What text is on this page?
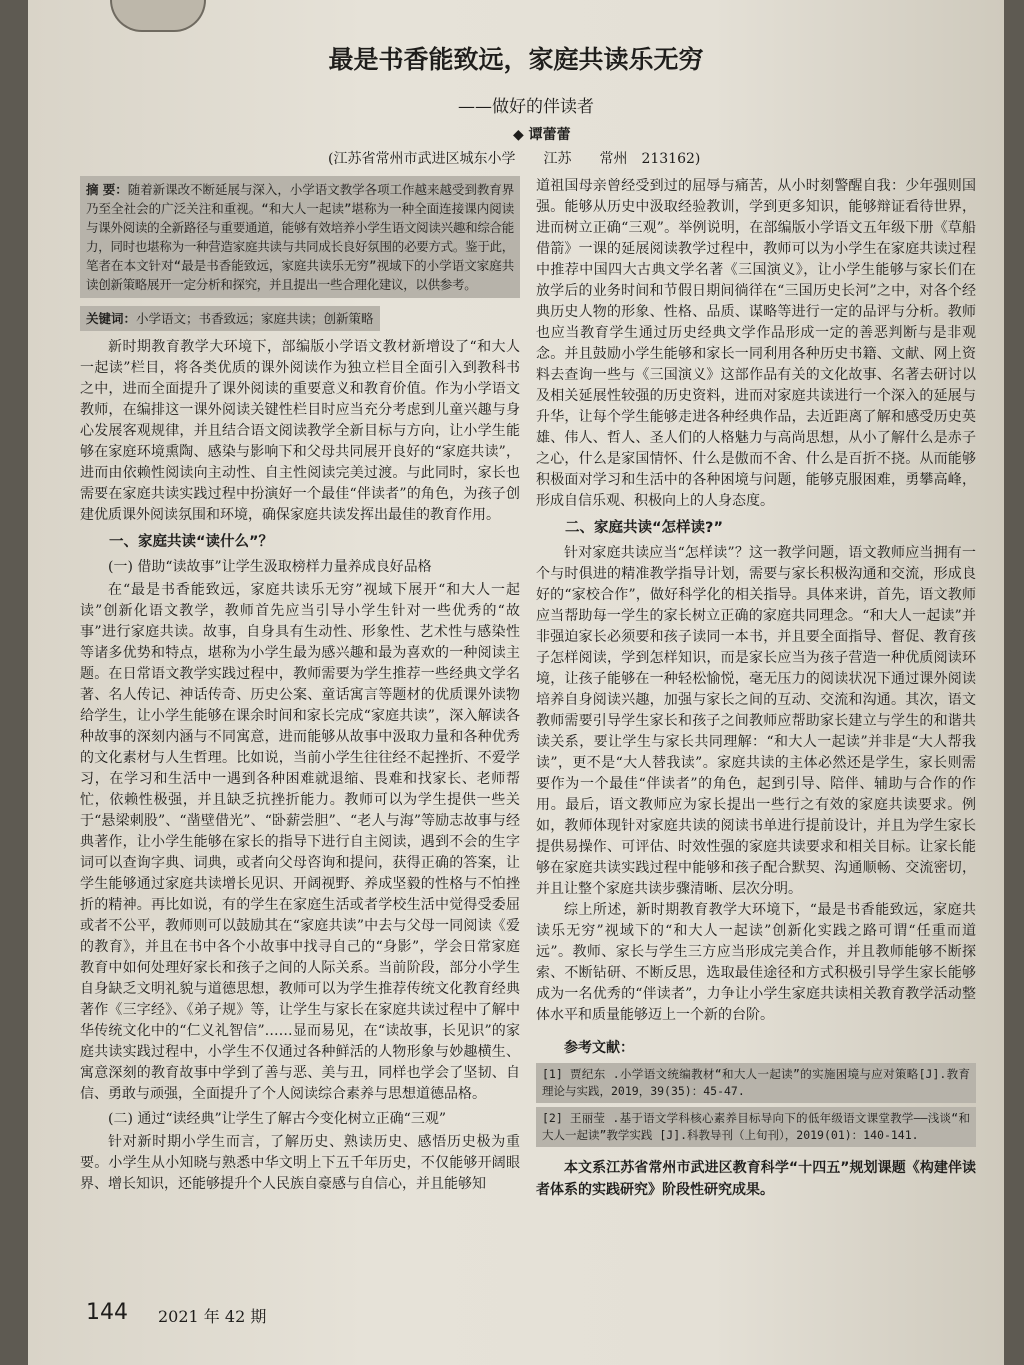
最是书香能致远，家庭共读乐无穷

——做好的伴读者

◆ 谭蕾蕾

(江苏省常州市武进区城东小学　　江苏　　常州　213162)

摘 要：随着新课改不断延展与深入，小学语文教学各项工作越来越受到教育界乃至全社会的广泛关注和重视。“和大人一起读”堪称为一种全面连接课内阅读与课外阅读的全新路径与重要通道，能够有效培养小学生语文阅读兴趣和综合能力，同时也堪称为一种营造家庭共读与共同成长良好氛围的必要方式。鉴于此，笔者在本文针对“最是书香能致远，家庭共读乐无穷”视域下的小学语文家庭共读创新策略展开一定分析和探究，并且提出一些合理化建议，以供参考。
关键词：小学语文；书香致远；家庭共读；创新策略

新时期教育教学大环境下，部编版小学语文教材新增设了“和大人一起读”栏目，将各类优质的课外阅读作为独立栏目全面引入到教科书之中，进而全面提升了课外阅读的重要意义和教育价值。作为小学语文教师，在编排这一课外阅读关键性栏目时应当充分考虑到儿童兴趣与身心发展客观规律，并且结合语文阅读教学全新目标与方向，让小学生能够在家庭环境熏陶、感染与影响下和父母共同展开良好的“家庭共读”，进而由依赖性阅读向主动性、自主性阅读完美过渡。与此同时，家长也需要在家庭共读实践过程中扮演好一个最佳“伴读者”的角色，为孩子创建优质课外阅读氛围和环境，确保家庭共读发挥出最佳的教育作用。

一、家庭共读“读什么”？
(一) 借助“读故事”让学生汲取榜样力量养成良好品格

在“最是书香能致远，家庭共读乐无穷”视域下展开“和大人一起读”创新化语文教学，教师首先应当引导小学生针对一些优秀的“故事”进行家庭共读。故事，自身具有生动性、形象性、艺术性与感染性等诸多优势和特点，堪称为小学生最为感兴趣和最为喜欢的一种阅读主题。在日常语文教学实践过程中，教师需要为学生推荐一些经典文学名著、名人传记、神话传奇、历史公案、童话寓言等题材的优质课外读物给学生，让小学生能够在课余时间和家长完成“家庭共读”，深入解读各种故事的深刻内涵与不同寓意，进而能够从故事中汲取力量和各种优秀的文化素材与人生哲理。比如说，当前小学生往往经不起挫折、不爱学习，在学习和生活中一遇到各种困难就退缩、畏难和找家长、老师帮忙，依赖性极强，并且缺乏抗挫折能力。教师可以为学生提供一些关于“悬梁刺股”、“凿壁借光”、“卧薪尝胆”、“老人与海”等励志故事与经典著作，让小学生能够在家长的指导下进行自主阅读，遇到不会的生字词可以查询字典、词典，或者向父母咨询和提问，获得正确的答案，让学生能够通过家庭共读增长见识、开阔视野、养成坚毅的性格与不怕挫折的精神。再比如说，有的学生在家庭生活或者学校生活中觉得受委屈或者不公平，教师则可以鼓励其在“家庭共读”中去与父母一同阅读《爱的教育》，并且在书中各个小故事中找寻自己的“身影”，学会日常家庭教育中如何处理好家长和孩子之间的人际关系。当前阶段，部分小学生自身缺乏文明礼貌与道德思想，教师可以为学生推荐传统文化教育经典著作《三字经》、《弟子规》等，让学生与家长在家庭共读过程中了解中华传统文化中的“仁义礼智信”……显而易见，在“读故事，长见识”的家庭共读实践过程中，小学生不仅通过各种鲜活的人物形象与妙趣横生、寓意深刻的教育故事中学到了善与恶、美与丑，同样也学会了坚韧、自信、勇敢与顽强，全面提升了个人阅读综合素养与思想道德品格。

(二) 通过“读经典”让学生了解古今变化树立正确“三观”

针对新时期小学生而言，了解历史、熟读历史、感悟历史极为重要。小学生从小知晓与熟悉中华文明上下五千年历史，不仅能够开阔眼界、增长知识，还能够提升个人民族自豪感与自信心，并且能够知

道祖国母亲曾经受到过的屈辱与痛苦，从小时刻警醒自我：少年强则国强。能够从历史中汲取经验教训，学到更多知识，能够辩证看待世界，进而树立正确“三观”。举例说明，在部编版小学语文五年级下册《草船借箭》一课的延展阅读教学过程中，教师可以为小学生在家庭共读过程中推荐中国四大古典文学名著《三国演义》，让小学生能够与家长们在放学后的业务时间和节假日期间徜徉在“三国历史长河”之中，对各个经典历史人物的形象、性格、品质、谋略等进行一定的品评与分析。教师也应当教育学生通过历史经典文学作品形成一定的善恶判断与是非观念。并且鼓励小学生能够和家长一同利用各种历史书籍、文献、网上资料去查询一些与《三国演义》这部作品有关的文化故事、名著去研讨以及相关延展性较强的历史资料，进而对家庭共读进行一个深入的延展与升华，让每个学生能够走进各种经典作品，去近距离了解和感受历史英雄、伟人、哲人、圣人们的人格魅力与高尚思想，从小了解什么是赤子之心，什么是家国情怀、什么是傲而不舍、什么是百折不挠。从而能够积极面对学习和生活中的各种困境与问题，能够克服困难，勇攀高峰，形成自信乐观、积极向上的人身态度。

二、家庭共读“怎样读?”

针对家庭共读应当“怎样读”？这一教学问题，语文教师应当拥有一个与时俱进的精准教学指导计划，需要与家长积极沟通和交流，形成良好的“家校合作”，做好科学化的相关指导。具体来讲，首先，语文教师应当帮助每一学生的家长树立正确的家庭共同理念。“和大人一起读”并非强迫家长必须要和孩子读同一本书，并且要全面指导、督促、教育孩子怎样阅读，学到怎样知识，而是家长应当为孩子营造一种优质阅读环境，让孩子能够在一种轻松愉悦，毫无压力的阅读状况下通过课外阅读培养自身阅读兴趣，加强与家长之间的互动、交流和沟通。其次，语文教师需要引导学生家长和孩子之间教师应帮助家长建立与学生的和谐共读关系，要让学生与家长共同理解：“和大人一起读”并非是“大人帮我读”，更不是“大人替我读”。家庭共读的主体必然还是学生，家长则需要作为一个最佳“伴读者”的角色，起到引导、陪伴、辅助与合作的作用。最后，语文教师应为家长提出一些行之有效的家庭共读要求。例如，教师体现针对家庭共读的阅读书单进行提前设计，并且为学生家长提供易操作、可评估、时效性强的家庭共读要求和相关目标。让家长能够在家庭共读实践过程中能够和孩子配合默契、沟通顺畅、交流密切，并且让整个家庭共读步骤清晰、层次分明。

综上所述，新时期教育教学大环境下，“最是书香能致远，家庭共读乐无穷”视域下的“和大人一起读”创新化实践之路可谓“任重而道远”。教师、家长与学生三方应当形成完美合作，并且教师能够不断探索、不断钻研、不断反思，选取最佳途径和方式积极引导学生家长能够成为一名优秀的“伴读者”，力争让小学生家庭共读相关教育教学活动整体水平和质量能够迈上一个新的台阶。

参考文献：
[1] 贾纪东 .小学语文统编教材“和大人一起读”的实施困境与应对策略[J].教育理论与实践，2019，39(35)：45-47.
[2] 王丽莹 .基于语文学科核心素养目标导向下的低年级语文课堂教学——浅谈“和大人一起读”教学实践 [J].科教导刊（上旬刊），2019(01)：140-141.
本文系江苏省常州市武进区教育科学“十四五”规划课题《构建伴读者体系的实践研究》阶段性研究成果。

144 2021 年 42 期
